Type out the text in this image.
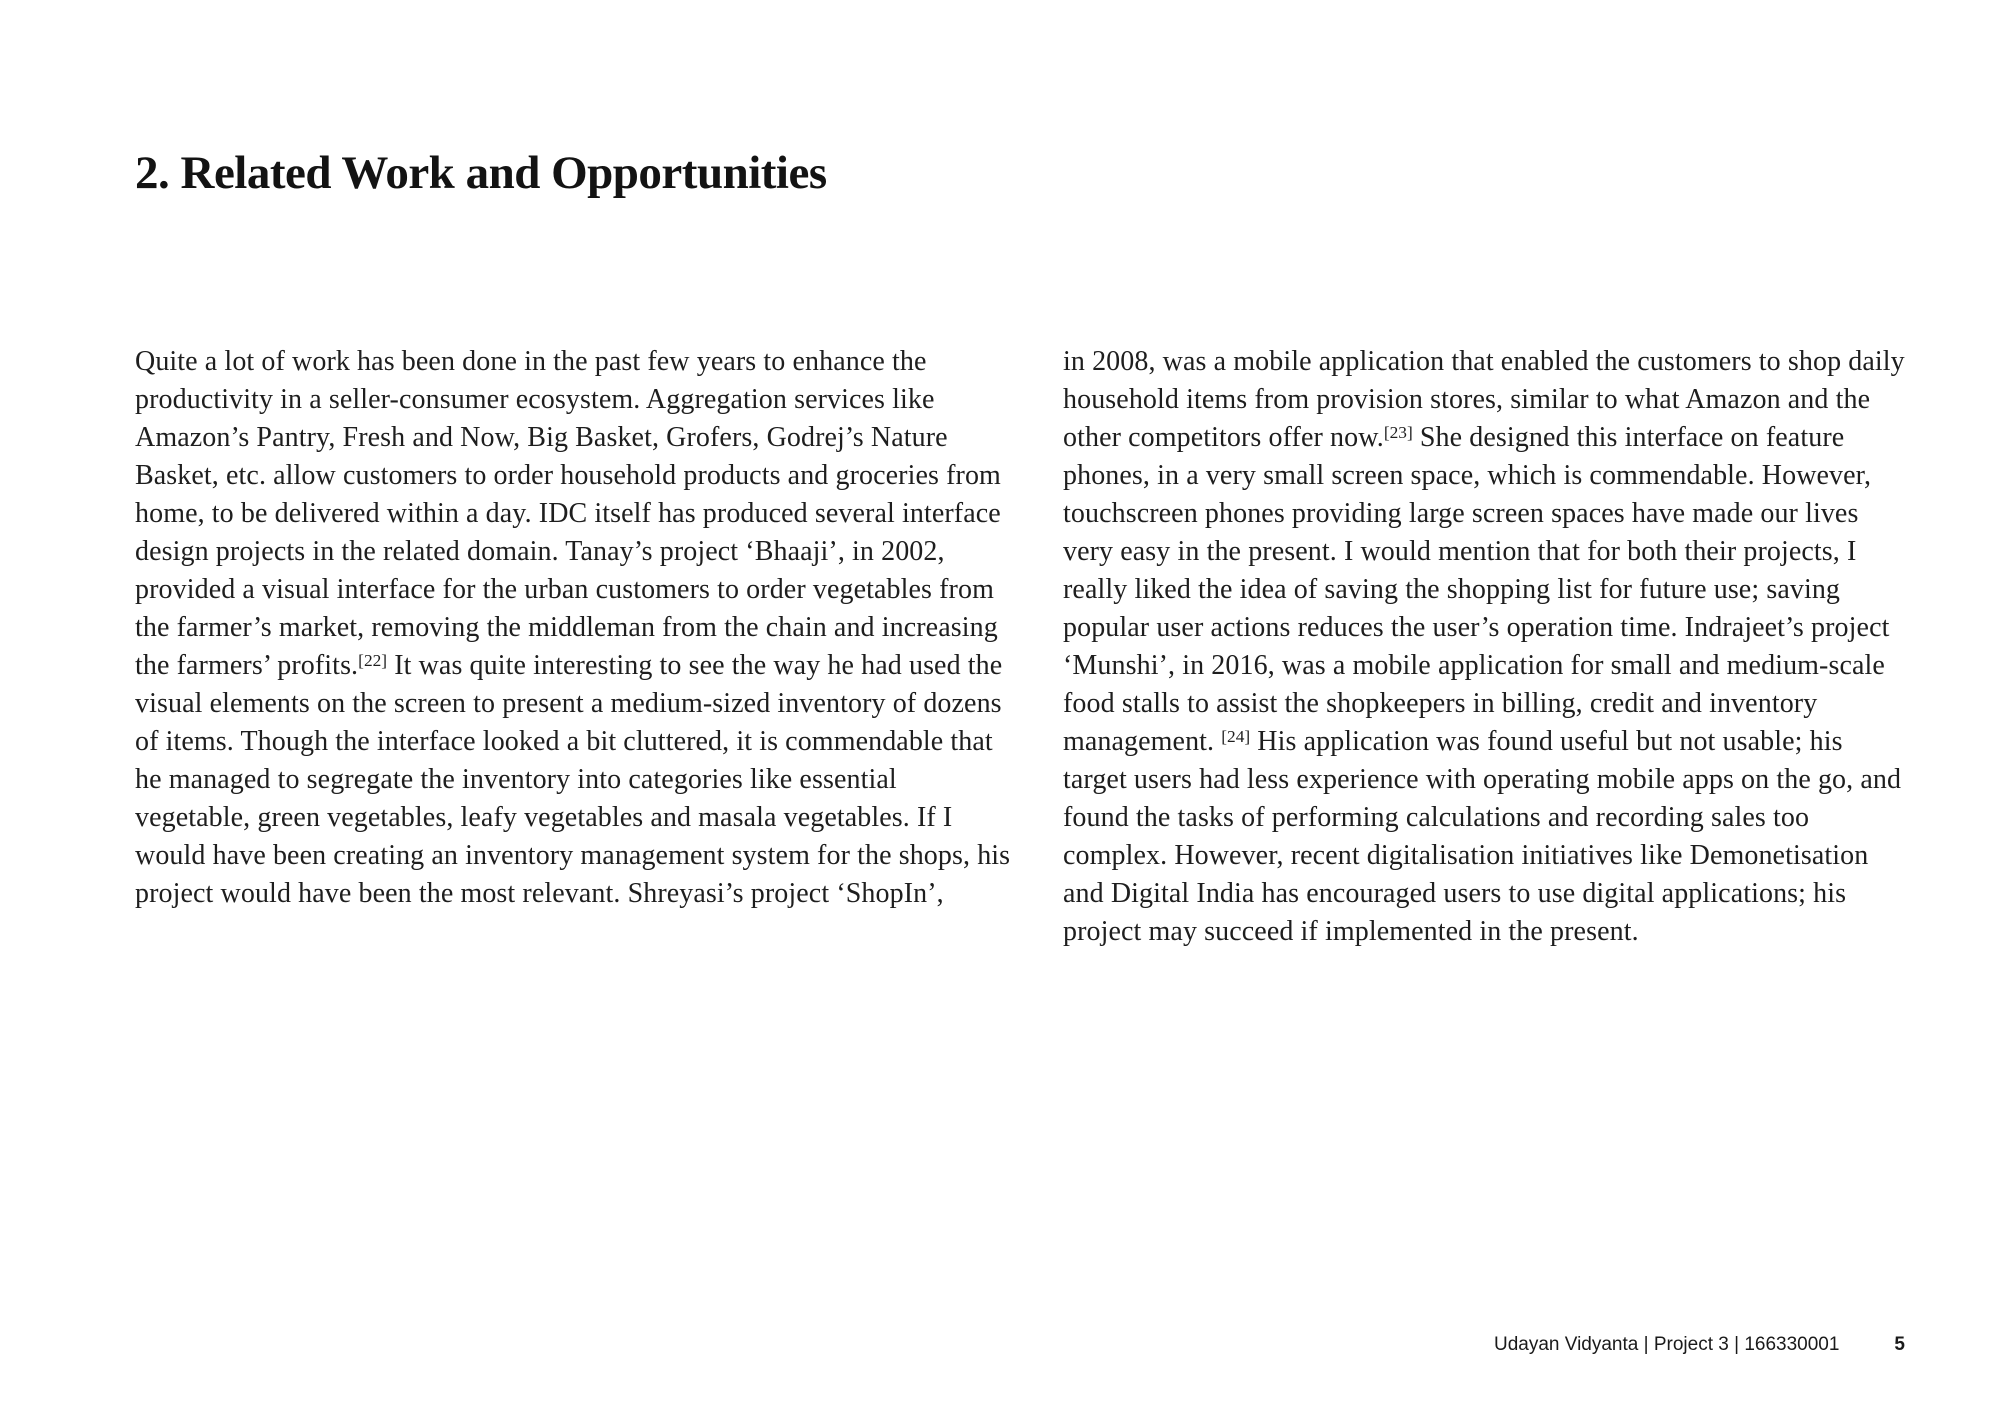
2. Related Work and Opportunities
Quite a lot of work has been done in the past few years to enhance the productivity in a seller-consumer ecosystem. Aggregation services like Amazon’s Pantry, Fresh and Now, Big Basket, Grofers, Godrej’s Nature Basket, etc. allow customers to order household products and groceries from home, to be delivered within a day. IDC itself has produced several interface design projects in the related domain. Tanay’s project ‘Bhaaji’, in 2002, provided a visual interface for the urban customers to order vegetables from the farmer’s market, removing the middleman from the chain and increasing the farmers’ profits.[22] It was quite interesting to see the way he had used the visual elements on the screen to present a medium-sized inventory of dozens of items. Though the interface looked a bit cluttered, it is commendable that he managed to segregate the inventory into categories like essential vegetable, green vegetables, leafy vegetables and masala vegetables. If I would have been creating an inventory management system for the shops, his project would have been the most relevant. Shreyasi’s project ‘ShopIn’,
in 2008, was a mobile application that enabled the customers to shop daily household items from provision stores, similar to what Amazon and the other competitors offer now.[23] She designed this interface on feature phones, in a very small screen space, which is commendable. However, touchscreen phones providing large screen spaces have made our lives very easy in the present. I would mention that for both their projects, I really liked the idea of saving the shopping list for future use; saving popular user actions reduces the user’s operation time. Indrajeet’s project ‘Munshi’, in 2016, was a mobile application for small and medium-scale food stalls to assist the shopkeepers in billing, credit and inventory management. [24] His application was found useful but not usable; his target users had less experience with operating mobile apps on the go, and found the tasks of performing calculations and recording sales too complex. However, recent digitalisation initiatives like Demonetisation and Digital India has encouraged users to use digital applications; his project may succeed if implemented in the present.
Udayan Vidyanta | Project 3 | 166330001	5
